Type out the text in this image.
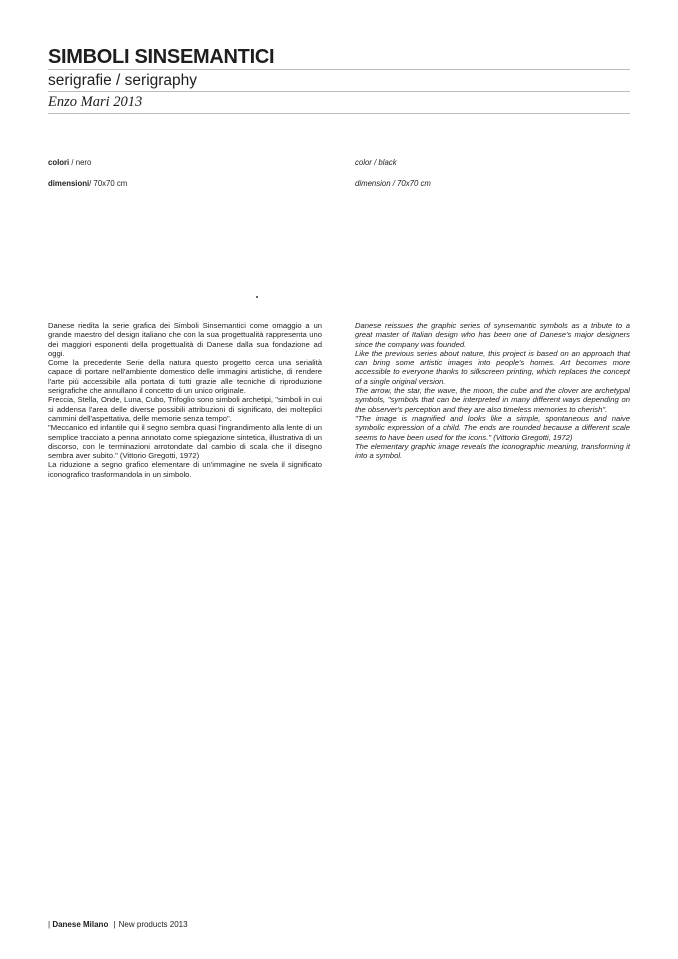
SIMBOLI SINSEMANTICI
serigrafie / serigraphy
Enzo Mari 2013
colori / nero
dimensioni/ 70x70 cm
color / black
dimension / 70x70 cm

Danese riedita la serie grafica dei Simboli Sinsemantici come omaggio a un grande maestro del design italiano che con la sua progettualità rappresenta uno dei maggiori esponenti della progettualità di Danese dalla sua fondazione ad oggi.

Come la precedente Serie della natura questo progetto cerca una serialità capace di portare nell'ambiente domestico delle immagini artistiche, di rendere l'arte più accessibile alla portata di tutti grazie alle tecniche di riproduzione serigrafiche che annullano il concetto di un unico originale.

Freccia, Stella, Onde, Luna, Cubo, Trifoglio sono simboli archetipi, "simboli in cui si addensa l'area delle diverse possibili attribuzioni di significato, dei molteplici cammini dell'aspettativa, delle memorie senza tempo".

"Meccanico ed infantile qui il segno sembra quasi l'ingrandimento alla lente di un semplice tracciato a penna annotato come spiegazione sintetica, illustrativa di un discorso, con le terminazioni arrotondate dal cambio di scala che il disegno sembra aver subito." (Vittorio Gregotti, 1972)

La riduzione a segno grafico elementare di un'immagine ne svela il significato iconografico trasformandola in un simbolo.

Danese reissues the graphic series of synsemantic symbols as a tribute to a great master of Italian design who has been one of Danese's major designers since the company was founded.

Like the previous series about nature, this project is based on an approach that can bring some artistic images into people's homes. Art becomes more accessible to everyone thanks to silkscreen printing, which replaces the concept of a single original version.

The arrow, the star, the wave, the moon, the cube and the clover are archetypal symbols, "symbols that can be interpreted in many different ways depending on the observer's perception and they are also timeless memories to cherish".

"The image is magnified and looks like a simple, spontaneous and naive symbolic expression of a child. The ends are rounded because a different scale seems to have been used for the icons." (Vittorio Gregotti, 1972)

The elementary graphic image reveals the iconographic meaning, transforming it into a symbol.

| Danese Milano | New products 2013
